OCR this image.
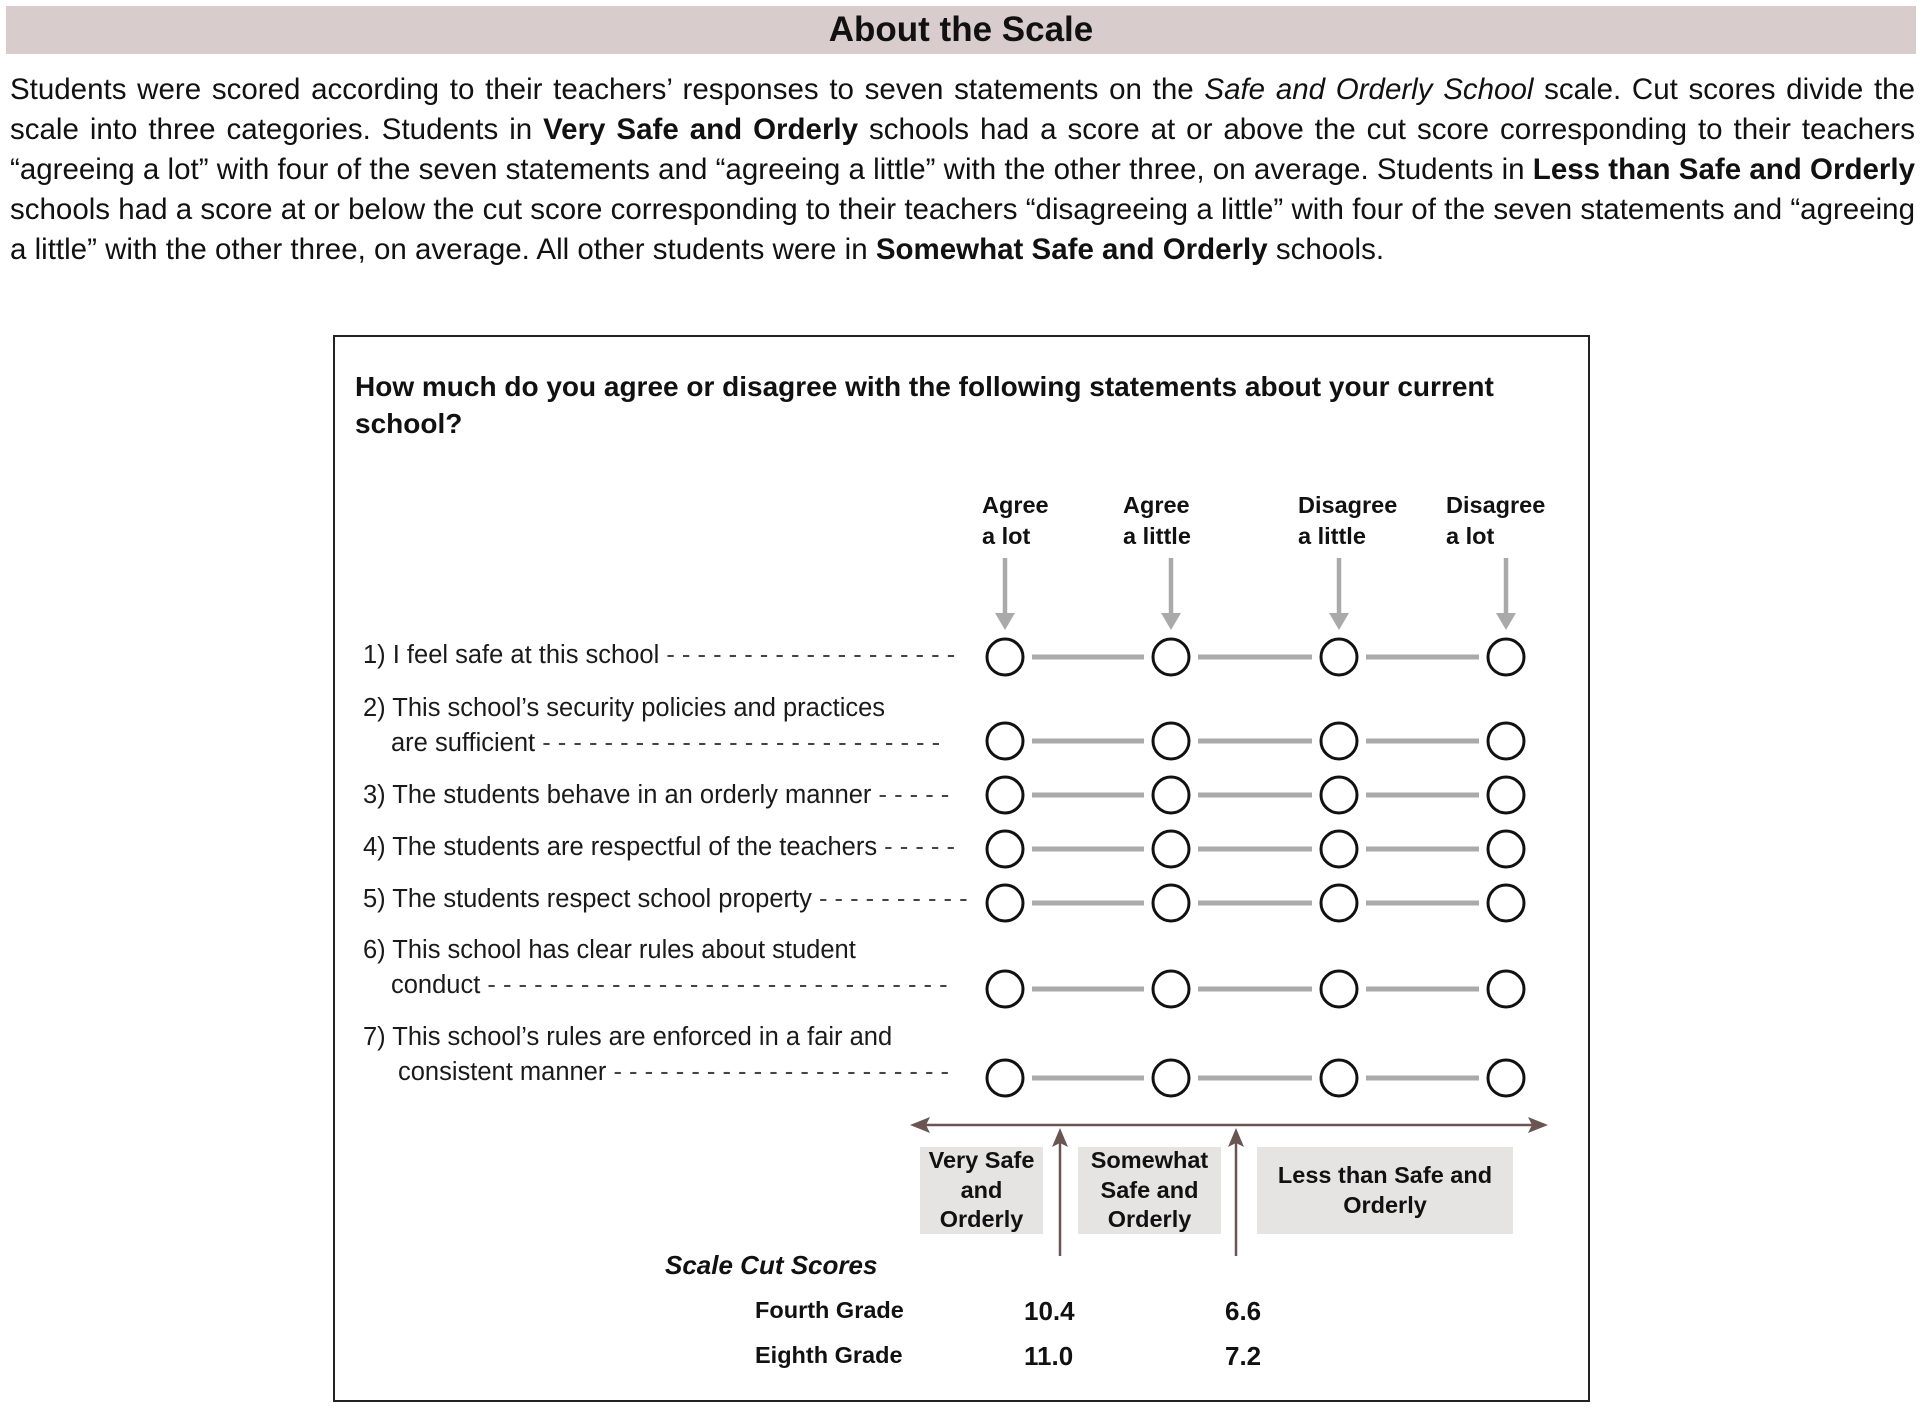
About the Scale

Students were scored according to their teachers’ responses to seven statements on the Safe and Orderly School scale. Cut scores divide the scale into three categories. Students in Very Safe and Orderly schools had a score at or above the cut score corresponding to their teachers “agreeing a lot” with four of the seven statements and “agreeing a little” with the other three, on average. Students in Less than Safe and Orderly schools had a score at or below the cut score corresponding to their teachers “disagreeing a little” with four of the seven statements and “agreeing a little” with the other three, on average. All other students were in Somewhat Safe and Orderly schools.

How much do you agree or disagree with the following statements about your current school?

Agree
a lot
Agree
a little
Disagree
a little
Disagree
a lot
1) I feel safe at this school - - - - - - - - - - - - - - - - - - -
2) This school’s security policies and practices
are sufficient - - - - - - - - - - - - - - - - - - - - - - - - - -
3) The students behave in an orderly manner - - - - -
4) The students are respectful of the teachers - - - - -
5) The students respect school property - - - - - - - - - -
6) This school has clear rules about student
conduct - - - - - - - - - - - - - - - - - - - - - - - - - - - - - -
7) This school’s rules are enforced in a fair and
consistent manner - - - - - - - - - - - - - - - - - - - - - -
Very Safe
and
Orderly
Somewhat
Safe and
Orderly
Less than Safe and
Orderly
Scale Cut Scores
Fourth Grade	10.4	6.6
Eighth Grade	11.0	7.2
